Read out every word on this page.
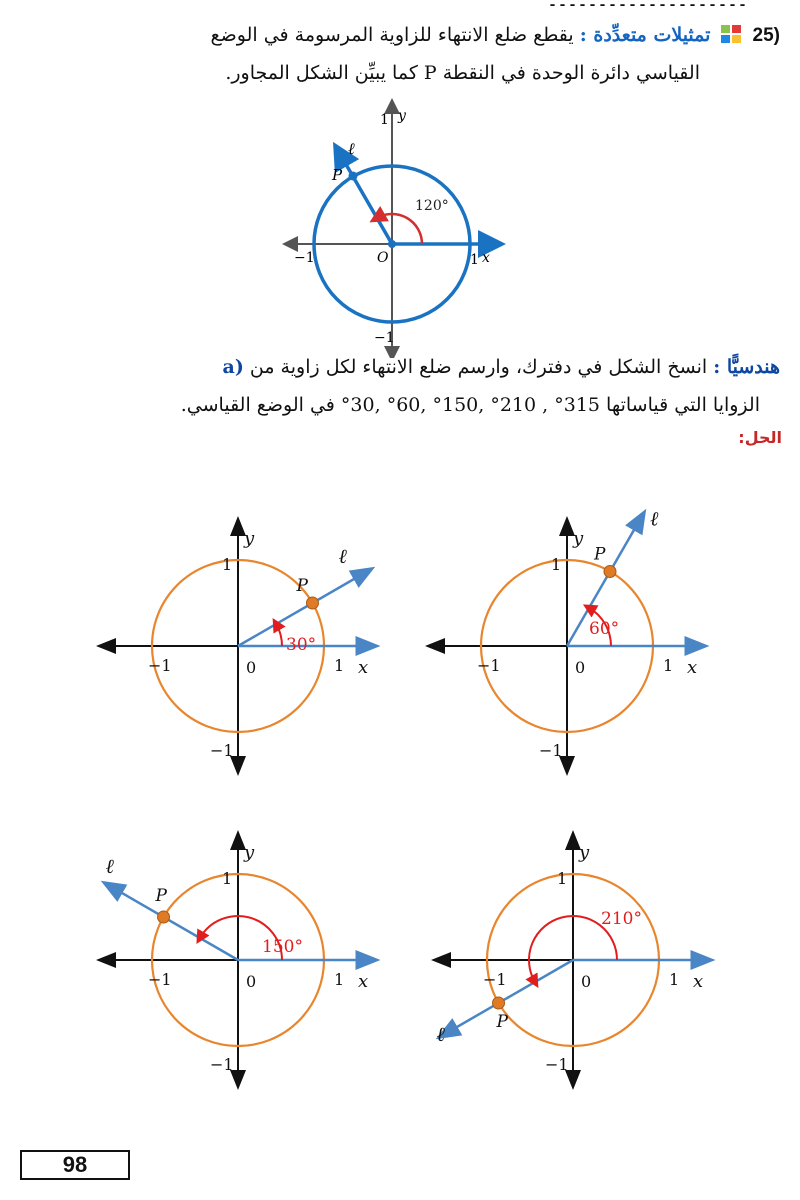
--------------------
(25  تمثيلات متعدِّدة : يقطع ضلع الانتهاء للزاوية المرسومة في الوضع
القياسي دائرة الوحدة في النقطة P كما يبيِّن الشكل المجاور.
120°
P
ℓ
O	x
y
1
−1
1
−1
a)	هندسيًّا : انسخ الشكل في دفترك، وارسم ضلع الانتهاء لكل زاوية من
الزوايا التي قياساتها 315° , 210° ,150° ,60° ,30° في الوضع القياسي.
الحل:
30°
P
ℓ
0	1 x
−1
1
y
−1
60°
P
ℓ
0	1 x
−1
1
y
−1
150°
P
ℓ
0	1 x
−1
1
y
−1
210°
P
ℓ
0	1 x
−1
1
y
−1
98
